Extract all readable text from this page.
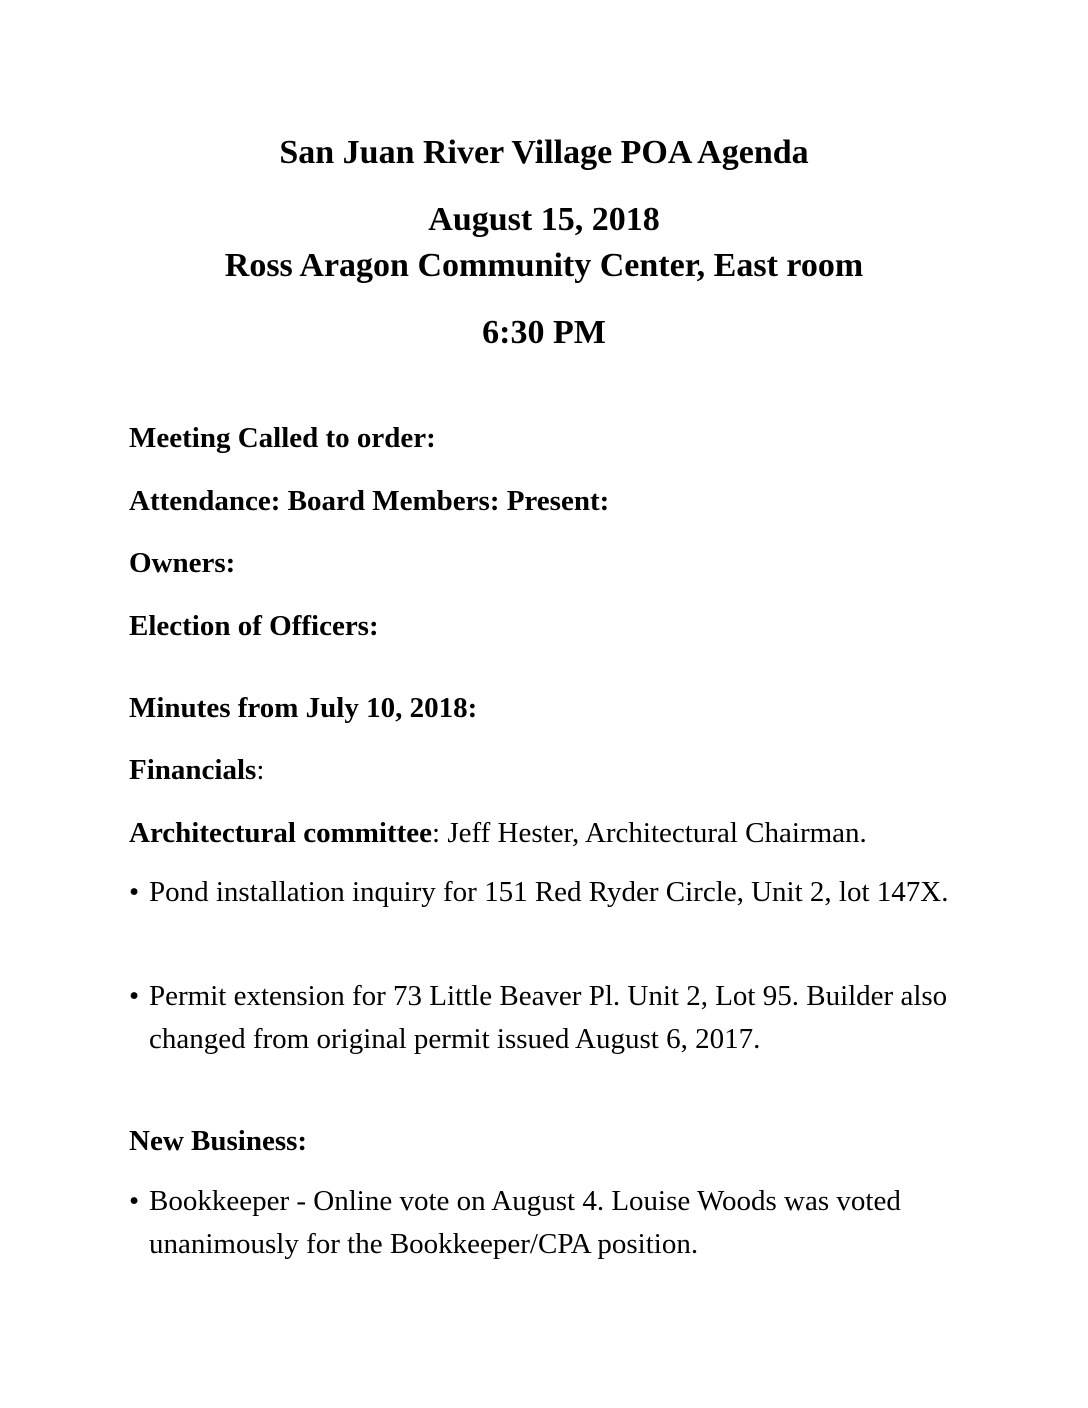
San Juan River Village POA Agenda
August 15, 2018
Ross Aragon Community Center, East room
6:30 PM
Meeting Called to order:
Attendance: Board Members: Present:
Owners:
Election of Officers:
Minutes from July 10, 2018:
Financials:
Architectural committee: Jeff Hester, Architectural Chairman.
• Pond installation inquiry for 151 Red Ryder Circle, Unit 2, lot 147X.
• Permit extension for 73 Little Beaver Pl. Unit 2, Lot 95. Builder also changed from original permit issued August 6, 2017.
New Business:
• Bookkeeper - Online vote on August 4. Louise Woods was voted unanimously for the Bookkeeper/CPA position.
